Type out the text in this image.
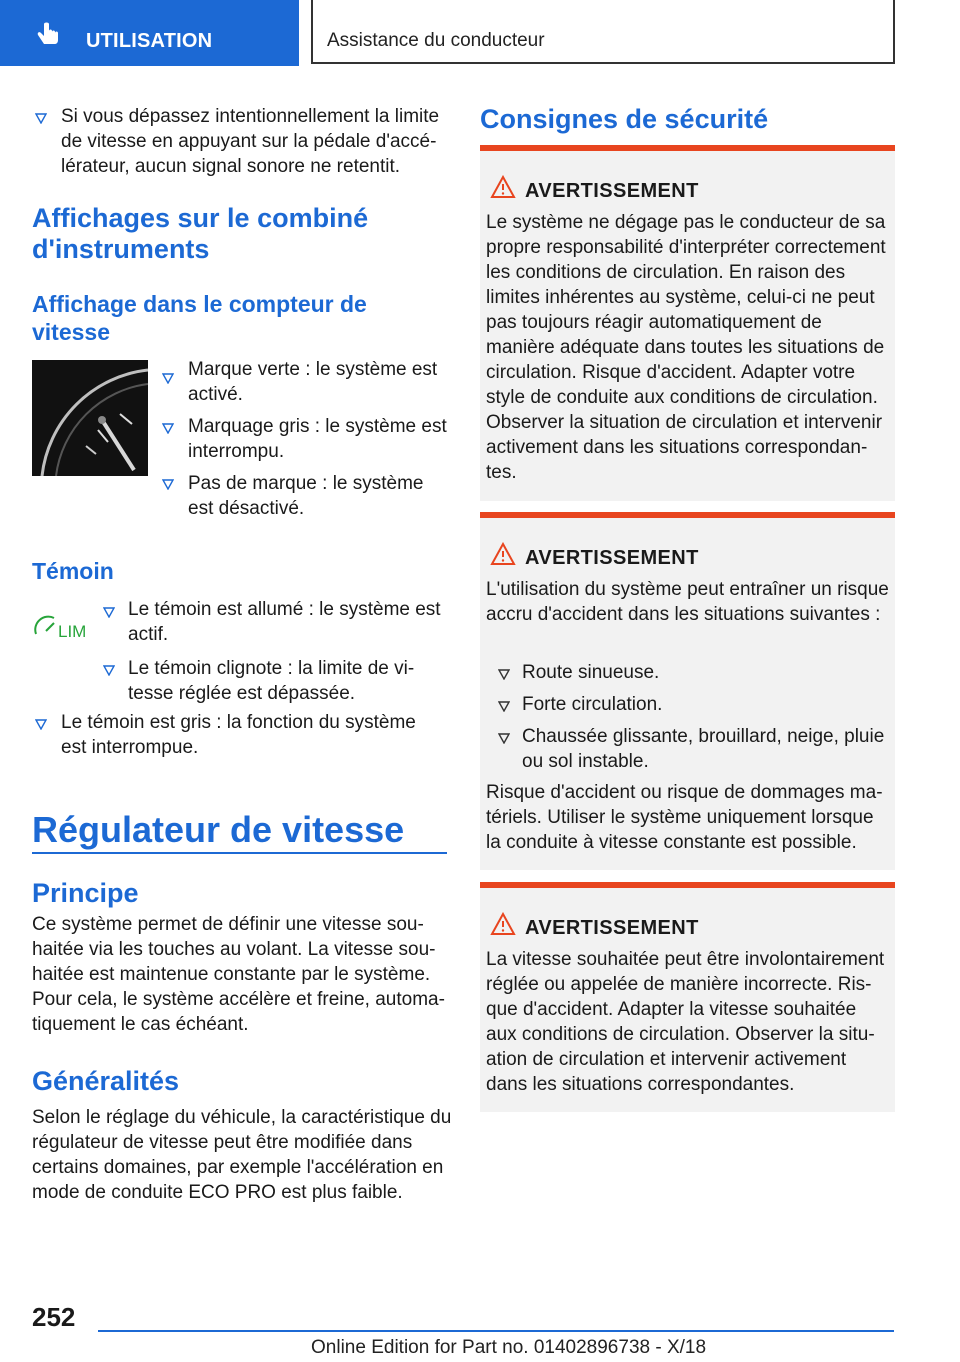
UTILISATION	Assistance du conducteur

Si vous dépassez intentionnellement la limite de vitesse en appuyant sur la pédale d'accélérateur, aucun signal sonore ne retentit.

Affichages sur le combiné d'instruments
Affichage dans le compteur de vitesse

Marque verte : le système est activé.

Marquage gris : le système est interrompu.

Pas de marque : le système est désactivé.

Témoin
LIM

Le témoin est allumé : le système est actif.

Le témoin clignote : la limite de vitesse réglée est dépassée.

Le témoin est gris : la fonction du système est interrompue.

Régulateur de vitesse
Principe

Ce système permet de définir une vitesse souhaitée via les touches au volant. La vitesse souhaitée est maintenue constante par le système. Pour cela, le système accélère et freine, automatiquement le cas échéant.

Généralités

Selon le réglage du véhicule, la caractéristique du régulateur de vitesse peut être modifiée dans certains domaines, par exemple l'accélération en mode de conduite ECO PRO est plus faible.

Consignes de sécurité
AVERTISSEMENT

Le système ne dégage pas le conducteur de sa propre responsabilité d'interpréter correctement les conditions de circulation. En raison des limites inhérentes au système, celui-ci ne peut pas toujours réagir automatiquement de manière adéquate dans toutes les situations de circulation. Risque d'accident. Adapter votre style de conduite aux conditions de circulation. Observer la situation de circulation et intervenir activement dans les situations correspondantes.

AVERTISSEMENT

L'utilisation du système peut entraîner un risque accru d'accident dans les situations suivantes :

Route sinueuse.

Forte circulation.

Chaussée glissante, brouillard, neige, pluie ou sol instable.

Risque d'accident ou risque de dommages matériels. Utiliser le système uniquement lorsque la conduite à vitesse constante est possible.

AVERTISSEMENT

La vitesse souhaitée peut être involontairement réglée ou appelée de manière incorrecte. Risque d'accident. Adapter la vitesse souhaitée aux conditions de circulation. Observer la situation de circulation et intervenir activement dans les situations correspondantes.

252
Online Edition for Part no. 01402896738 - X/18
